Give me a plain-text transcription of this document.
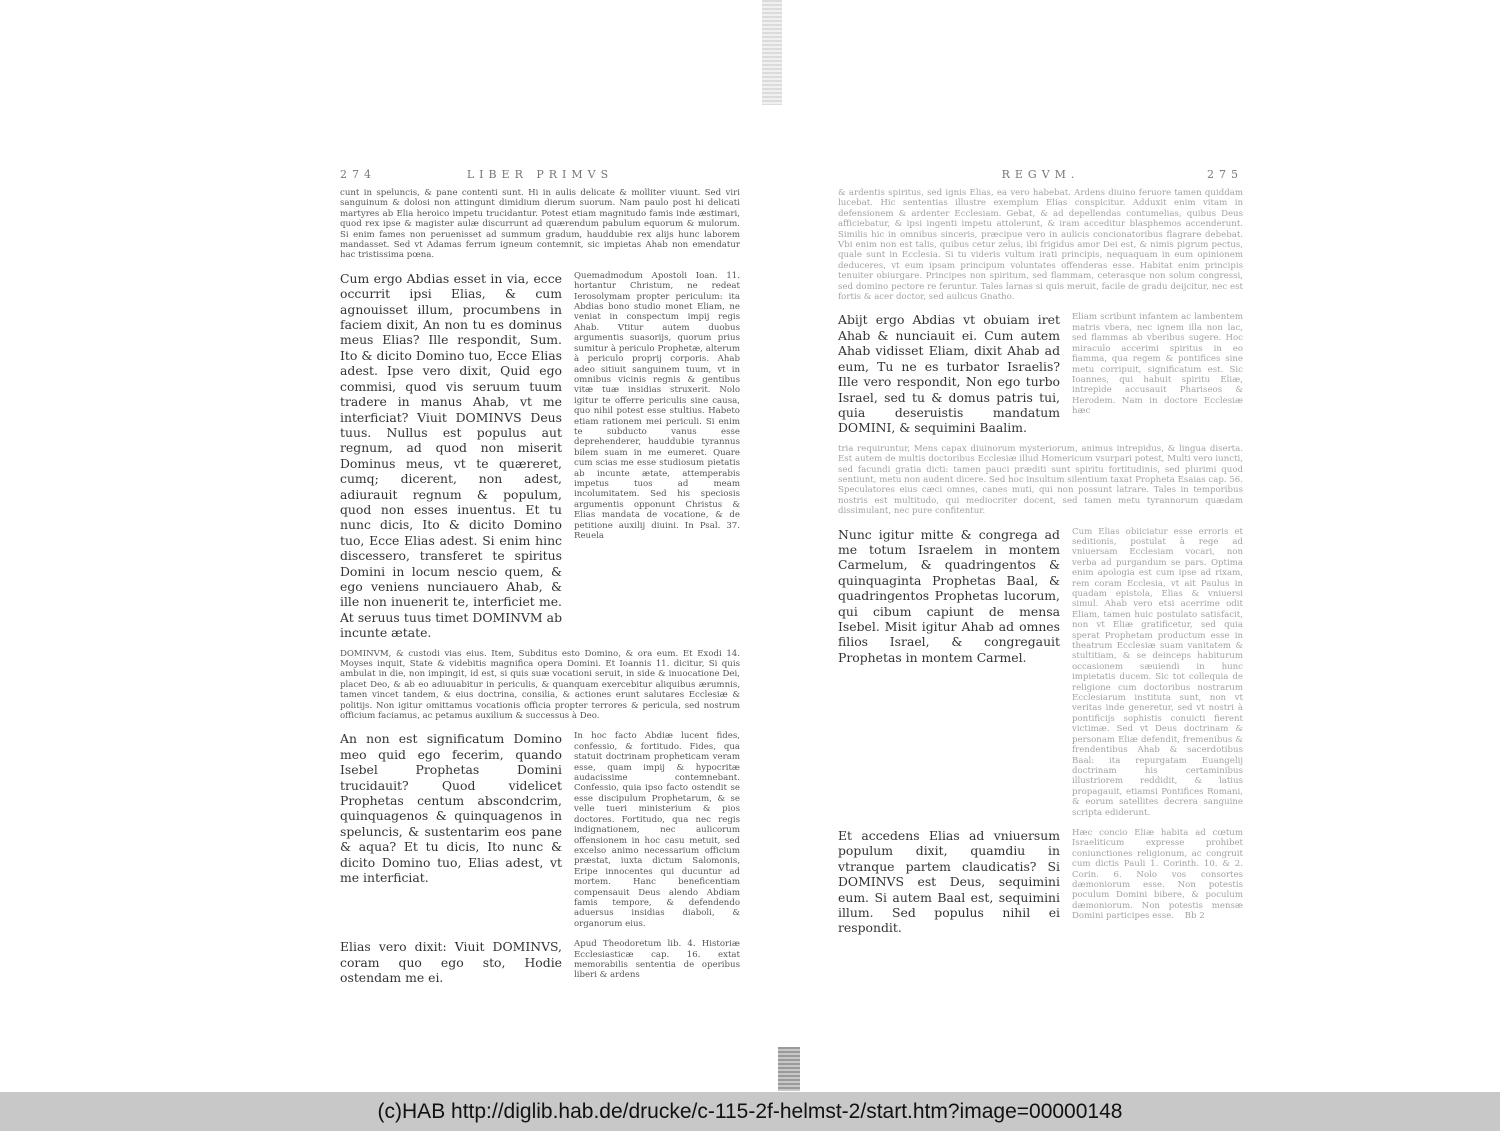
274	LIBER PRIMVS
cunt in speluncis, & pane contenti sunt. Hi in aulis delicate & molliter viuunt. Sed viri sanguinum & dolosi non attingunt dimidium dierum suorum. Nam paulo post hi delicati martyres ab Elia heroico impetu trucidantur. Potest etiam magnitudo famis inde æstimari, quod rex ipse & magister aulæ discurrunt ad quærendum pabulum equorum & mulorum. Si enim fames non peruenisset ad summum gradum, hauddubie rex alijs hunc laborem mandasset. Sed vt Adamas ferrum igneum contemnit, sic impietas Ahab non emendatur hac tristissima pœna.
Cum ergo Abdias esset in via, ecce occurrit ipsi Elias, & cum agnouisset illum, procumbens in faciem dixit, An non tu es dominus meus Elias? Ille respondit, Sum. Ito & dicito Domino tuo, Ecce Elias adest. Ipse vero dixit, Quid ego commisi, quod vis seruum tuum tradere in manus Ahab, vt me interficiat? Viuit DOMINVS Deus tuus. Nullus est populus aut regnum, ad quod non miserit Dominus meus, vt te quæreret, cumq; dicerent, non adest, adiurauit regnum & populum, quod non esses inuentus. Et tu nunc dicis, Ito & dicito Domino tuo, Ecce Elias adest. Si enim hinc discessero, transferet te spiritus Domini in locum nescio quem, & ego veniens nunciauero Ahab, & ille non inuenerit te, interficiet me. At seruus tuus timet DOMINVM ab incunte ætate.
Quemadmodum Apostoli Ioan. 11. hortantur Christum, ne redeat Ierosolymam propter periculum: ita Abdias bono studio monet Eliam, ne veniat in conspectum impij regis Ahab. Vtitur autem duobus argumentis suasorijs, quorum prius sumitur à periculo Prophetæ, alterum à periculo proprij corporis. Ahab adeo sitiuit sanguinem tuum, vt in omnibus vicinis regnis & gentibus vitæ tuæ insidias struxerit. Nolo igitur te offerre periculis sine causa, quo nihil potest esse stultius. Habeto etiam rationem mei periculi. Si enim te subducto vanus esse deprehenderer, hauddubie tyrannus bilem suam in me eumeret. Quare cum scias me esse studiosum pietatis ab incunte ætate, attemperabis impetus tuos ad meam incolumitatem. Sed his speciosis argumentis opponunt Christus & Elias mandata de vocatione, & de petitione auxilij diuini. In Psal. 37. Reuela
DOMINVM, & custodi vias eius. Item, Subditus esto Domino, & ora eum. Et Exodi 14. Moyses inquit, State & videbitis magnifica opera Domini. Et Ioannis 11. dicitur, Si quis ambulat in die, non impingit, id est, si quis suæ vocationi seruit, in side & inuocatione Dei, placet Deo, & ab eo adiuuabitur in periculis, & quanquam exercebitur aliquibus ærumnis, tamen vincet tandem, & eius doctrina, consilia, & actiones erunt salutares Ecclesiæ & politijs. Non igitur omittamus vocationis officia propter terrores & pericula, sed nostrum officium faciamus, ac petamus auxilium & successus à Deo.
An non est significatum Domino meo quid ego fecerim, quando Isebel Prophetas Domini trucidauit? Quod videlicet Prophetas centum abscondcrim, quinquagenos & quinquagenos in speluncis, & sustentarim eos pane & aqua? Et tu dicis, Ito nunc & dicito Domino tuo, Elias adest, vt me interficiat.
In hoc facto Abdiæ lucent fides, confessio, & fortitudo. Fides, qua statuit doctrinam propheticam veram esse, quam impij & hypocritæ audacissime contemnebant. Confessio, quia ipso facto ostendit se esse discipulum Prophetarum, & se velle tueri ministerium & pios doctores. Fortitudo, qua nec regis indignationem, nec aulicorum offensionem in hoc casu metuit, sed excelso animo necessarium officium præstat, iuxta dictum Salomonis, Eripe innocentes qui ducuntur ad mortem. Hanc beneficentiam compensauit Deus alendo Abdiam famis tempore, & defendendo aduersus insidias diaboli, & organorum eius.
Elias vero dixit: Viuit DOMINVS, coram quo ego sto, Hodie ostendam me ei.
Apud Theodoretum lib. 4. Historiæ Ecclesiasticæ cap. 16. extat memorabilis sententia de operibus liberi & ardens
REGVM.	275
& ardentis spiritus, sed ignis Elias, ea vero habebat. Ardens diuino feruore tamen quiddam lucebat. Hic sententias illustre exemplum Elias conspicitur. Adduxit enim vitam in defensionem & ardenter Ecclesiam. Gebat, & ad depellendas contumelias, quibus Deus afficiebatur, & ipsi ingenti impetu attolerunt, & iram acceditur blasphemos accenderunt. Similis hic in omnibus sinceris, præcipue vero in aulicis concionatoribus flagrare debebat. Vbi enim non est talis, quibus cetur zelus, ibi frigidus amor Dei est, & nimis pigrum pectus, quale sunt in Ecclesia. Si tu videris vultum irati principis, nequaquam in eum opinionem deduceres, vt eum ipsam principum voluntates offenderas esse. Habitat enim principis tenuiter obiurgare. Principes non spiritum, sed flammam, ceterasque non solum congressi, sed domino pectore re feruntur. Tales larnas si quis meruit, facile de gradu deijcitur, nec est fortis & acer doctor, sed aulicus Gnatho.
Abijt ergo Abdias vt obuiam iret Ahab & nunciauit ei. Cum autem Ahab vidisset Eliam, dixit Ahab ad eum, Tu ne es turbator Israelis? Ille vero respondit, Non ego turbo Israel, sed tu & domus patris tui, quia deseruistis mandatum DOMINI, & sequimini Baalim.
Eliam scribunt infantem ac lambentem matris vbera, nec ignem illa non lac, sed flammas ab vberibus sugere. Hoc miraculo accerimi spiritus in eo fiamma, qua regem & pontifices sine metu corripuit, significatum est. Sic Ioannes, qui habuit spiritu Eliæ, intrepide accusauit Phariseos & Herodem. Nam in doctore Ecclesiæ hæc
tria requiruntur, Mens capax diuinorum mysteriorum, animus intrepidus, & lingua diserta. Est autem de multis doctoribus Ecclesiæ illud Homericum vsurpari potest, Multi vero iuncti, sed facundi gratia dicti: tamen pauci præditi sunt spiritu fortitudinis, sed plurimi quod sentiunt, metu non audent dicere. Sed hoc insultum silentium taxat Propheta Esaias cap. 56. Speculatores eius cæci omnes, canes muti, qui non possunt latrare. Tales in temporibus nostris est multitudo, qui mediocriter docent, sed tamen metu tyrannorum quædam dissimulant, nec pure confitentur.
Nunc igitur mitte & congrega ad me totum Israelem in montem Carmelum, & quadringentos & quinquaginta Prophetas Baal, & quadringentos Prophetas lucorum, qui cibum capiunt de mensa Isebel. Misit igitur Ahab ad omnes filios Israel, & congregauit Prophetas in montem Carmel.
Cum Elias obiiciatur esse erroris et seditionis, postulat à rege ad vniuersam Ecclesiam vocari, non verba ad purgandum se pars. Optima enim apologia est cum ipse ad rixam, rem coram Ecclesia, vt ait Paulus in quadam epistola, Elias & vniuersi simul. Ahab vero etsi acerrime odit Eliam, tamen huic postulato satisfacit, non vt Eliæ gratificetur, sed quia sperat Prophetam productum esse in theatrum Ecclesiæ suam vanitatem & stultitiam, & se deinceps habiturum occasionem sæuiendi in hunc impietatis ducem. Sic tot collequia de religione cum doctoribus nostrarum Ecclesiarum instituta sunt, non vt veritas inde generetur, sed vt nostri à pontificijs sophistis conuicti fierent victimæ. Sed vt Deus doctrinam & personam Eliæ defendit, fremenibus & frendentibus Ahab & sacerdotibus Baal: ita repurgatam Euangelij doctrinam his certaminibus illustriorem reddidit, & latius propagauit, etiamsi Pontifices Romani, & eorum satellites decrera sanguine scripta ediderunt.
Et accedens Elias ad vniuersum populum dixit, quamdiu in vtranque partem claudicatis? Si DOMINVS est Deus, sequimini eum. Si autem Baal est, sequimini illum. Sed populus nihil ei respondit.
Hæc concio Eliæ habita ad cœtum Israeliticum expresse prohibet coniunctiones religionum, ac congruit cum dictis Pauli 1. Corinth. 10. & 2. Corin. 6. Nolo vos consortes dæmoniorum esse. Non potestis poculum Domini bibere, & poculum dæmoniorum. Non potestis mensæ Domini participes esse. Bb 2
(c)HAB http://diglib.hab.de/drucke/c-115-2f-helmst-2/start.htm?image=00000148
